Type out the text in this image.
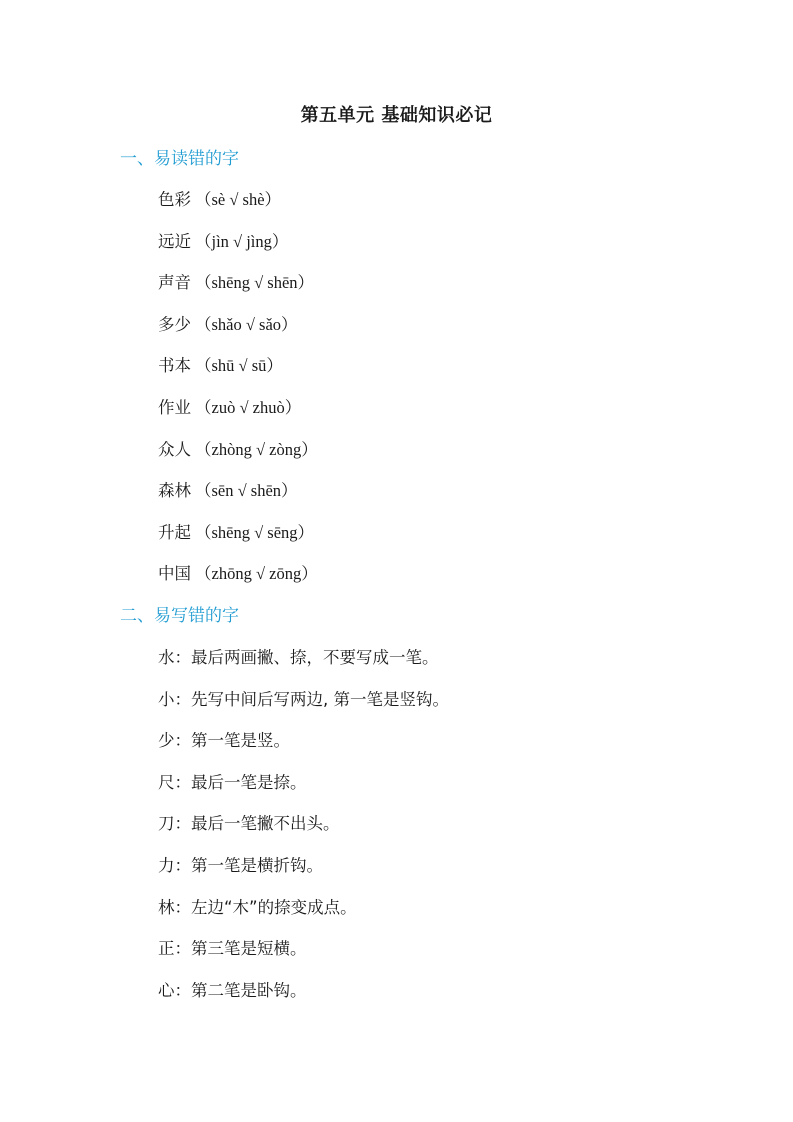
第五单元 基础知识必记
一、易读错的字
色彩 （sè √ shè）
远近 （jìn √ jìng）
声音 （shēng √ shēn）
多少 （shǎo √ sǎo）
书本 （shū √ sū）
作业 （zuò √ zhuò）
众人 （zhòng √ zòng）
森林 （sēn √ shēn）
升起 （shēng √ sēng）
中国 （zhōng √ zōng）
二、易写错的字
水：最后两画撇、捺，不要写成一笔。
小：先写中间后写两边, 第一笔是竖钩。
少：第一笔是竖。
尺：最后一笔是捺。
刀：最后一笔撇不出头。
力：第一笔是横折钩。
林：左边“木”的捺变成点。
正：第三笔是短横。
心：第二笔是卧钩。
